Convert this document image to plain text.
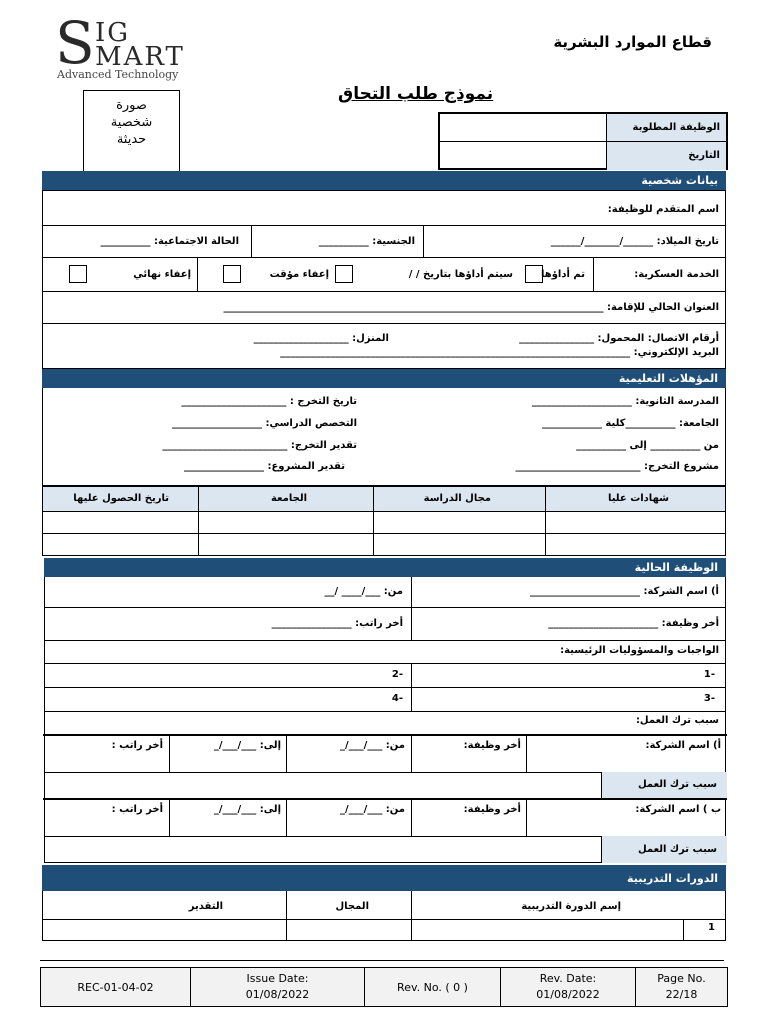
S IG
MART
Advanced Technology
قطاع الموارد البشرية
نموذج طلب التحاق
صورة
شخصية
حديثة
الوظيفة المطلوبة
التاريخ
بيانات شخصية
اسم المتقدم للوظيفة:
تاريخ الميلاد: ______/_______/______
الجنسية: __________
الحالة الاجتماعية: __________
الخدمة العسكرية:
تم أداؤها
سيتم أداؤها بتاريخ / /
إعفاء مؤقت
إعفاء نهائي
العنوان الحالي للإقامة: ____________________________________________________________________________
أرقام الاتصال: المحمول: _______________
المنزل: ___________________
البريد الإلكتروني: ______________________________________________________________________
المؤهلات التعليمية
المدرسة الثانوية: ____________________
تاريخ التخرج : _____________________
الجامعة: __________كلية ____________
التخصص الدراسي: __________________
من __________ إلى __________
تقدير التخرج: _________________________
مشروع التخرج: _________________________
تقدير المشروع: ________________
شهادات عليا
مجال الدراسة
الجامعة
تاريخ الحصول عليها
الوظيفة الحالية
أ) اسم الشركة: ______________________
من: ___/____ /__
أخر وظيفة: ______________________
أخر راتب: ________________
الواجبات والمسؤوليات الرئيسية:
-1
-2
-3
-4
سبب ترك العمل:
أ) اسم الشركة:
أخر وظيفة:
من: ___/___/_
إلى: ___/___/_
أخر راتب :
سبب ترك العمل
ب ) اسم الشركة:
أخر وظيفة:
من: ___/___/_
إلى: ___/___/_
أخر راتب :
سبب ترك العمل
الدورات التدريبية
إسم الدورة التدريبية
المجال
التقدير
1
REC-01-04-02
Issue Date:
01/08/2022
Rev. No. ( 0 )
Rev. Date:
01/08/2022
Page No.
22/18
